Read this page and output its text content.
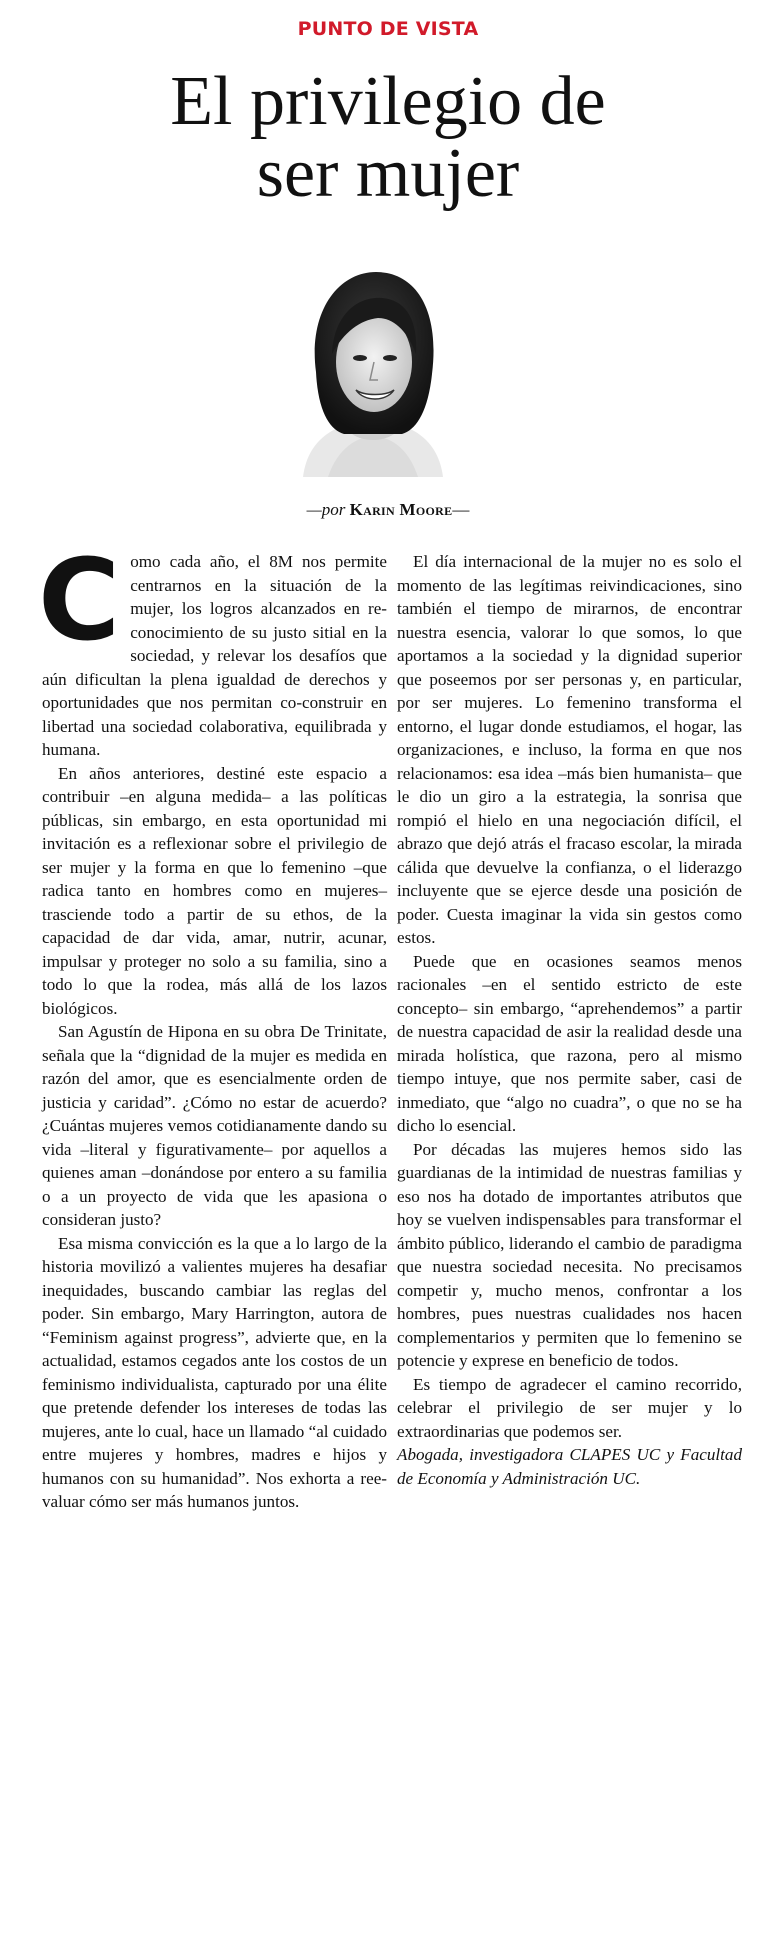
PUNTO DE VISTA
El privilegio de
ser mujer
—por Karin Moore—

Como cada año, el 8M nos permite centrarnos en la situación de la mujer, los logros alcanzados en reconocimiento de su justo sitial en la sociedad, y relevar los desafíos que aún dificultan la plena igualdad de derechos y oportunidades que nos permitan co-construir en libertad una sociedad colaborativa, equilibrada y humana.

En años anteriores, destiné este espacio a contribuir –en alguna medida– a las políticas públicas, sin embargo, en esta oportunidad mi invitación es a reflexionar sobre el privilegio de ser mujer y la forma en que lo femenino –que radica tanto en hombres como en mujeres– trasciende todo a partir de su ethos, de la capacidad de dar vida, amar, nutrir, acunar, impulsar y proteger no solo a su familia, sino a todo lo que la rodea, más allá de los lazos biológicos.

San Agustín de Hipona en su obra De Trinitate, señala que la “dignidad de la mujer es medida en razón del amor, que es esencialmente orden de justicia y caridad”. ¿Cómo no estar de acuerdo? ¿Cuántas mujeres vemos cotidianamente dando su vida –literal y figurativamente– por aquellos a quienes aman –donándose por entero a su familia o a un proyecto de vida que les apasiona o consideran justo?

Esa misma convicción es la que a lo largo de la historia movilizó a valientes mujeres ha desafiar inequidades, buscando cambiar las reglas del poder. Sin embargo, Mary Harrington, autora de “Feminism against progress”, advierte que, en la actualidad, estamos cegados ante los costos de un feminismo individualista, capturado por una élite que pretende defender los intereses de todas las mujeres, ante lo cual, hace un llamado “al cuidado entre mujeres y hombres, madres e hijos y humanos con su humanidad”. Nos exhorta a reevaluar cómo ser más humanos juntos.

El día internacional de la mujer no es solo el momento de las legítimas reivindicaciones, sino también el tiempo de mirarnos, de encontrar nuestra esencia, valorar lo que somos, lo que aportamos a la sociedad y la dignidad superior que poseemos por ser personas y, en particular, por ser mujeres. Lo femenino transforma el entorno, el lugar donde estudiamos, el hogar, las organizaciones, e incluso, la forma en que nos relacionamos: esa idea –más bien humanista– que le dio un giro a la estrategia, la sonrisa que rompió el hielo en una negociación difícil, el abrazo que dejó atrás el fracaso escolar, la mirada cálida que devuelve la confianza, o el liderazgo incluyente que se ejerce desde una posición de poder. Cuesta imaginar la vida sin gestos como estos.

Puede que en ocasiones seamos menos racionales –en el sentido estricto de este concepto– sin embargo, “aprehendemos” a partir de nuestra capacidad de asir la realidad desde una mirada holística, que razona, pero al mismo tiempo intuye, que nos permite saber, casi de inmediato, que “algo no cuadra”, o que no se ha dicho lo esencial.

Por décadas las mujeres hemos sido las guardianas de la intimidad de nuestras familias y eso nos ha dotado de importantes atributos que hoy se vuelven indispensables para transformar el ámbito público, liderando el cambio de paradigma que nuestra sociedad necesita. No precisamos competir y, mucho menos, confrontar a los hombres, pues nuestras cualidades nos hacen complementarios y permiten que lo femenino se potencie y exprese en beneficio de todos.

Es tiempo de agradecer el camino recorrido, celebrar el privilegio de ser mujer y lo extraordinarias que podemos ser.

Abogada, investigadora CLAPES UC y Facultad de Economía y Administración UC.
